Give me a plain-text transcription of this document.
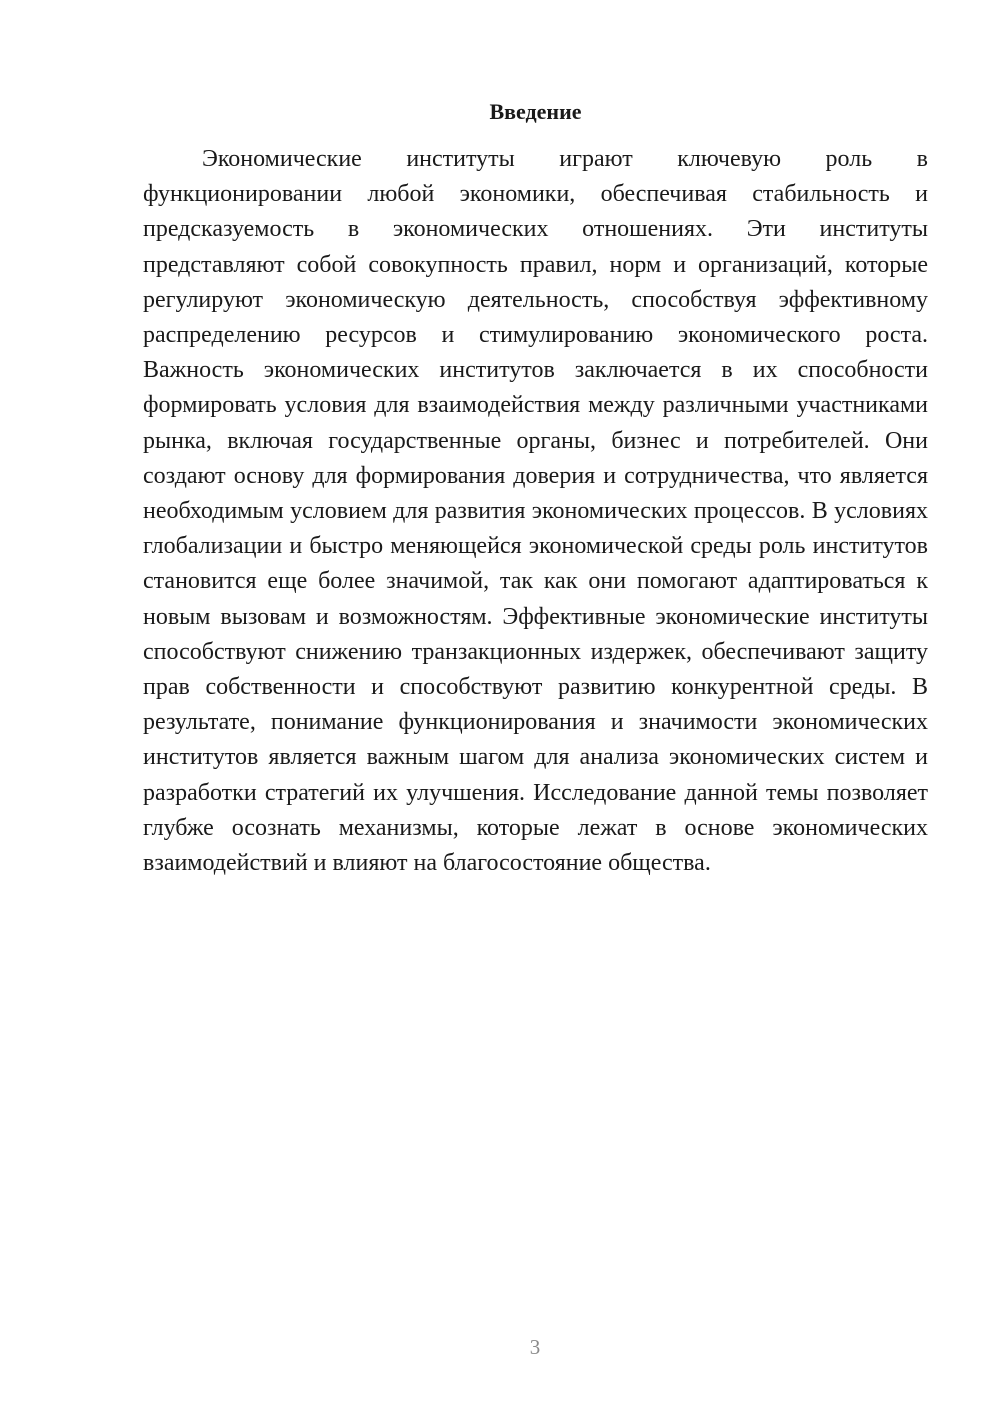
Введение

Экономические институты играют ключевую роль в функционировании любой экономики, обеспечивая стабильность и предсказуемость в экономических отношениях. Эти институты представляют собой совокупность правил, норм и организаций, которые регулируют экономическую деятельность, способствуя эффективному распределению ресурсов и стимулированию экономического роста. Важность экономических институтов заключается в их способности формировать условия для взаимодействия между различными участниками рынка, включая государственные органы, бизнес и потребителей. Они создают основу для формирования доверия и сотрудничества, что является необходимым условием для развития экономических процессов. В условиях глобализации и быстро меняющейся экономической среды роль институтов становится еще более значимой, так как они помогают адаптироваться к новым вызовам и возможностям. Эффективные экономические институты способствуют снижению транзакционных издержек, обеспечивают защиту прав собственности и способствуют развитию конкурентной среды. В результате, понимание функционирования и значимости экономических институтов является важным шагом для анализа экономических систем и разработки стратегий их улучшения. Исследование данной темы позволяет глубже осознать механизмы, которые лежат в основе экономических взаимодействий и влияют на благосостояние общества.

3
